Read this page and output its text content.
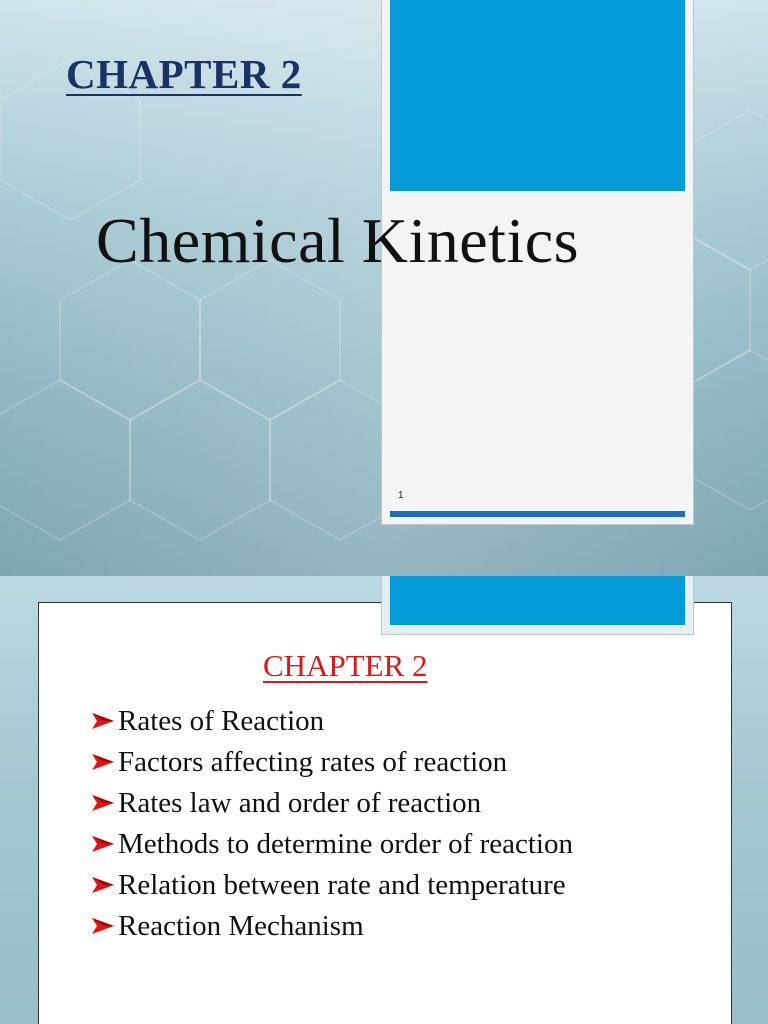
CHAPTER 2
Chemical Kinetics
1
2
CHAPTER 2
Rates of Reaction
Factors affecting rates of reaction
Rates law and order of reaction
Methods to determine order of reaction
Relation between rate and temperature
Reaction Mechanism
